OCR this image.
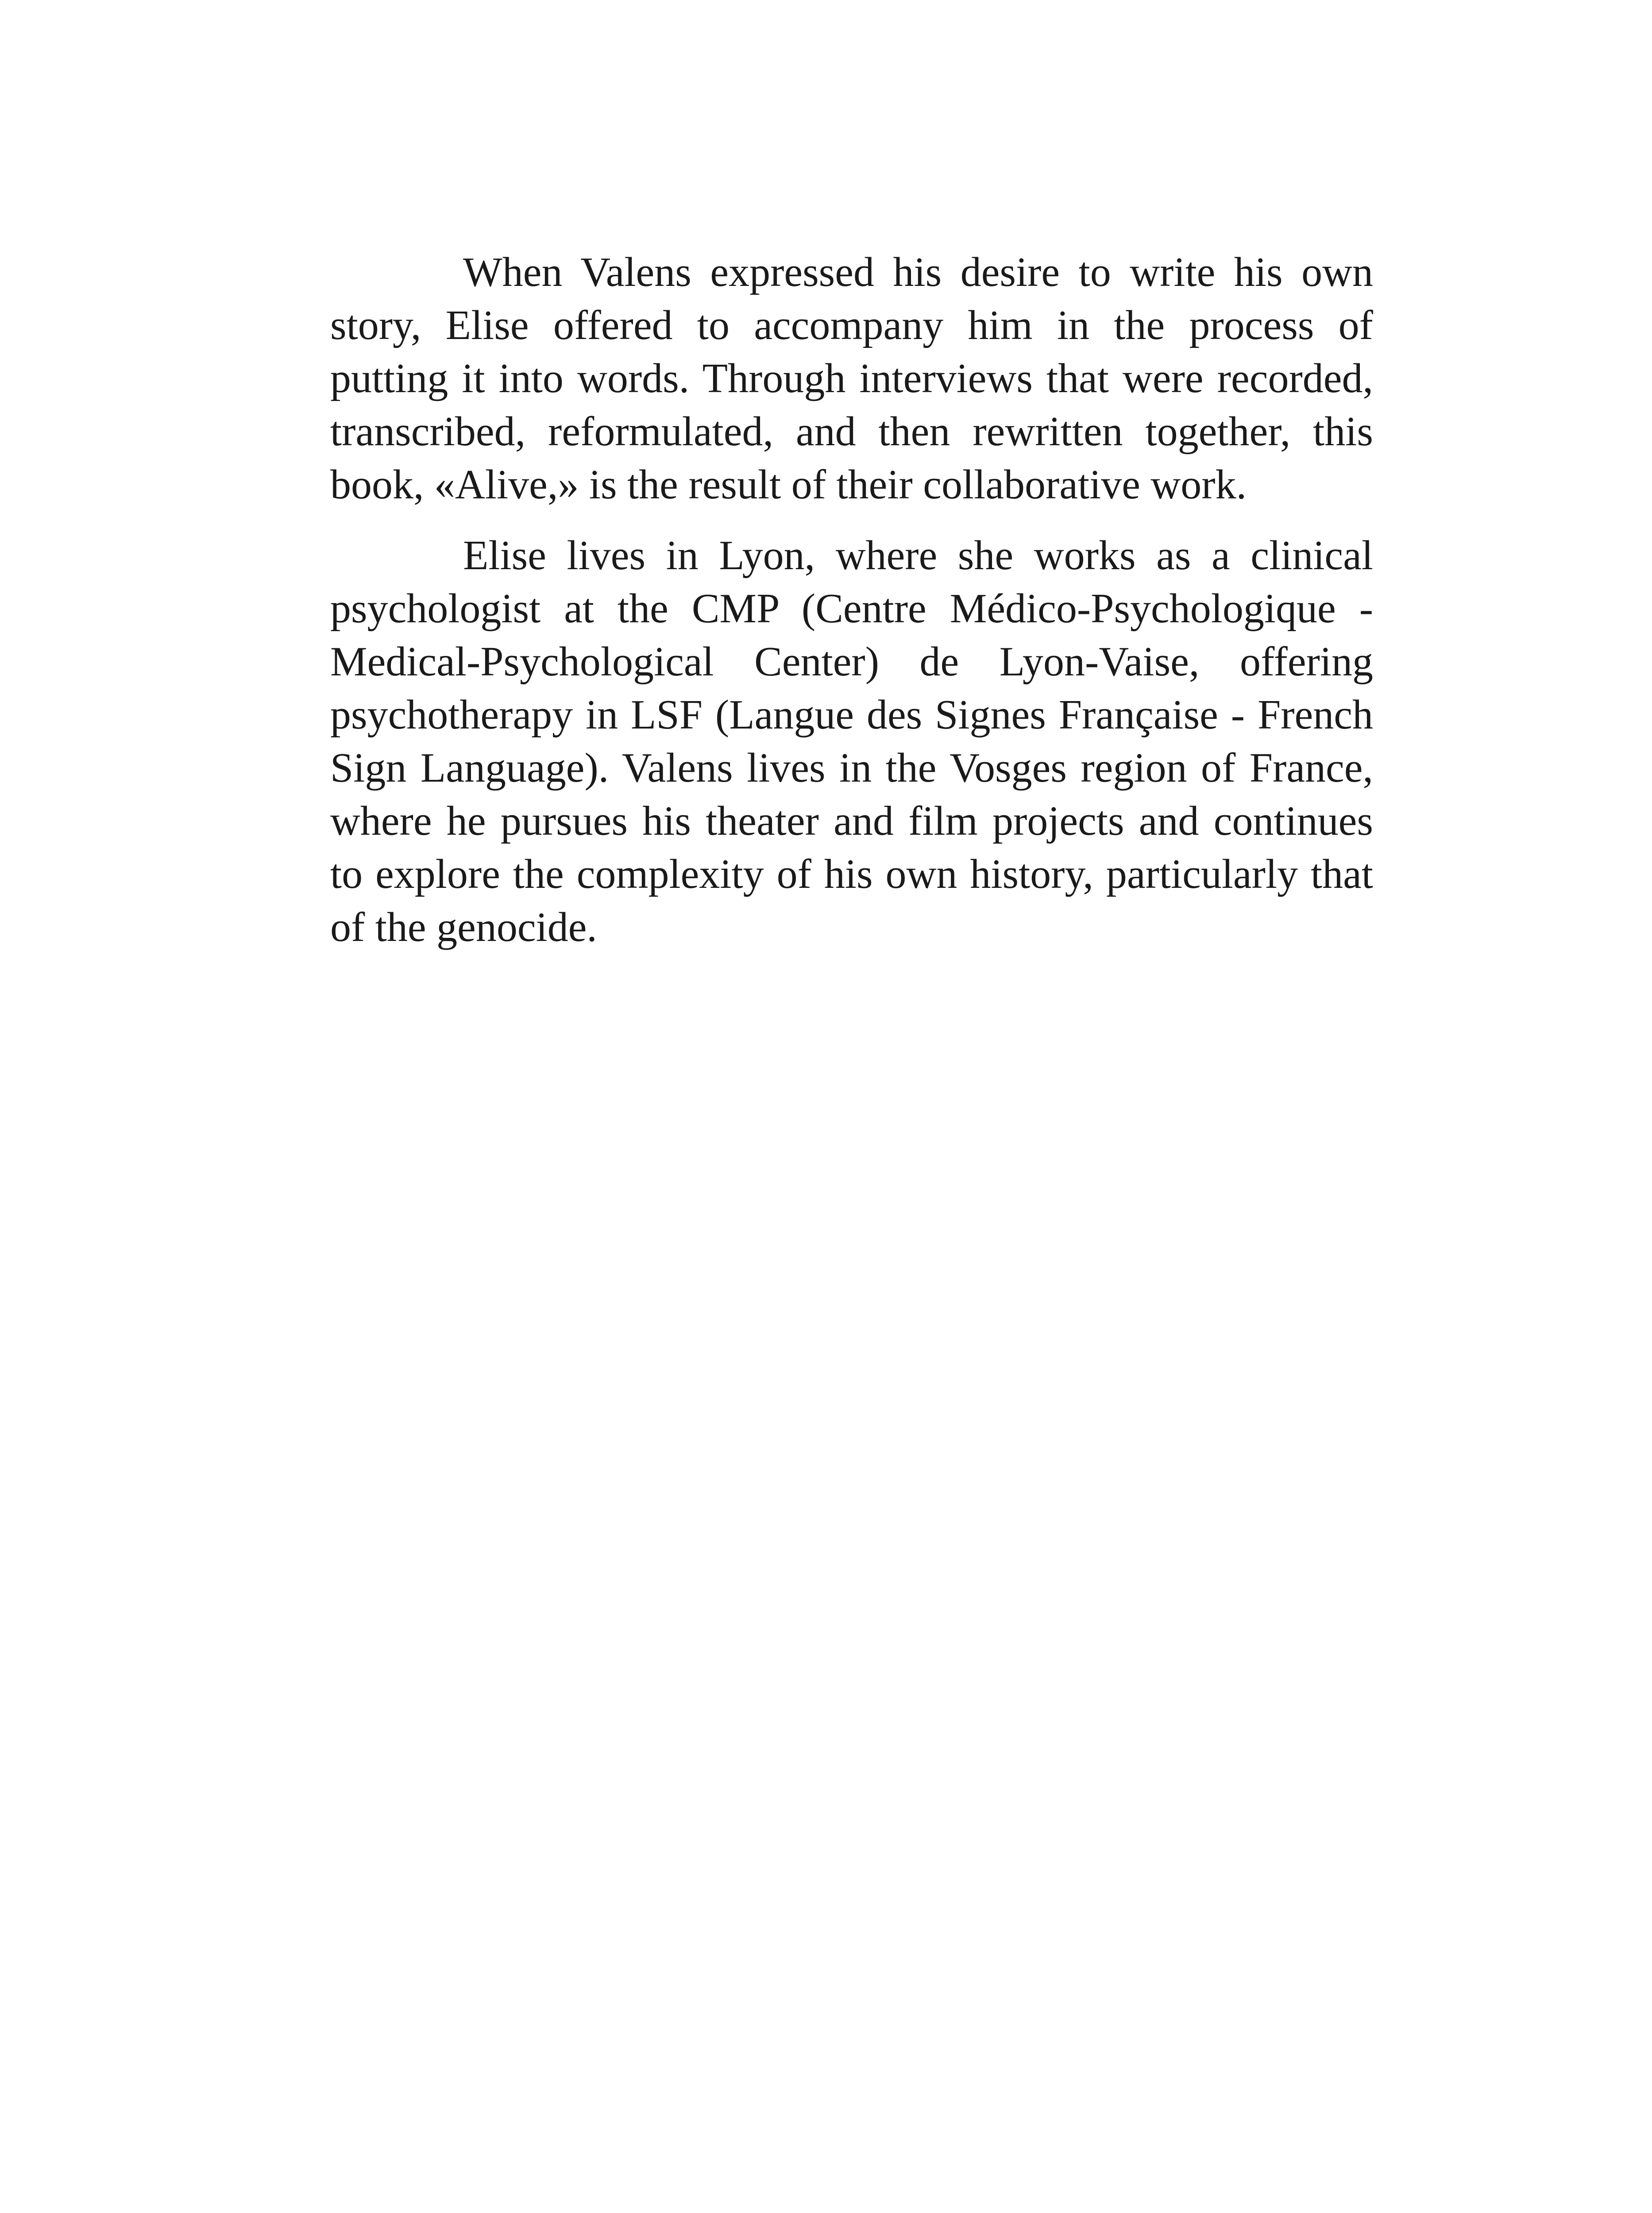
When Valens expressed his desire to write his own story, Elise offered to accompany him in the process of putting it into words. Through interviews that were recorded, transcribed, reformulated, and then rewritten together, this book, «Alive,» is the result of their collaborative work.

Elise lives in Lyon, where she works as a clinical psychologist at the CMP (Centre Médico-Psychologique - Medical-Psychological Center) de Lyon-Vaise, offering psychotherapy in LSF (Langue des Signes Française - French Sign Language). Valens lives in the Vosges region of France, where he pursues his theater and film projects and continues to explore the complexity of his own history, particularly that of the genocide.
